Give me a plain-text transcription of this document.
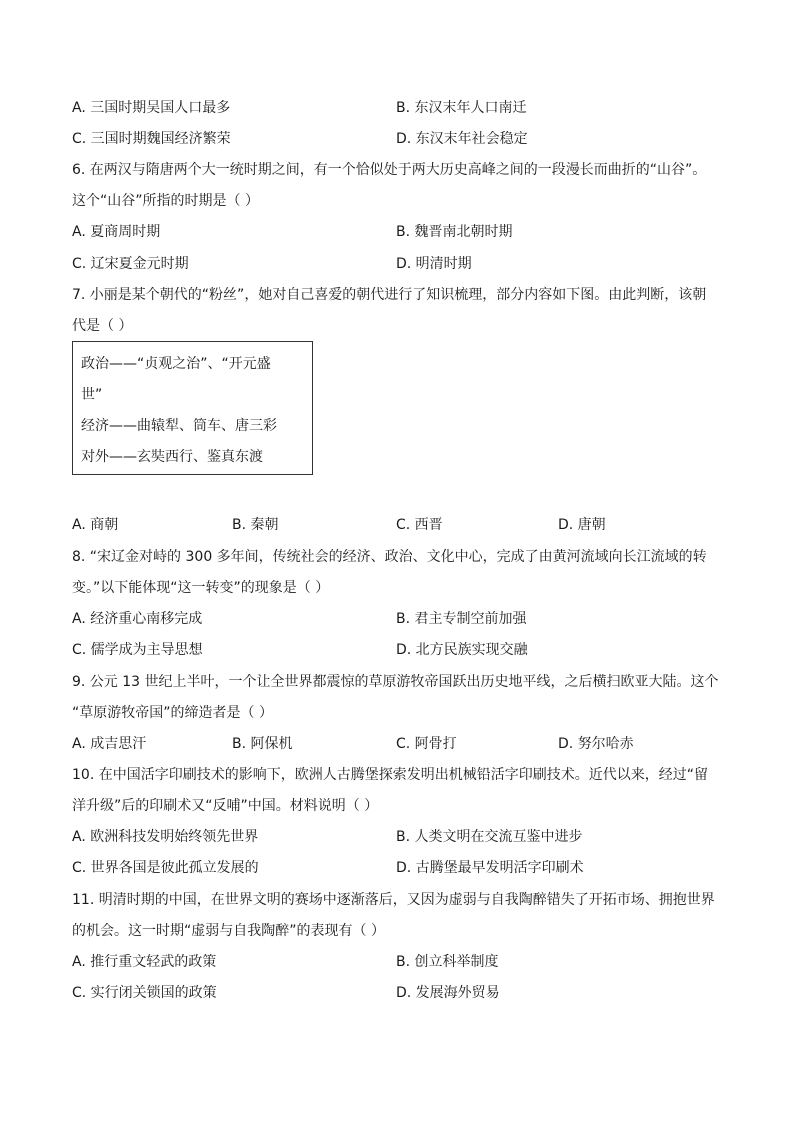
A. 三国时期吴国人口最多	B. 东汉末年人口南迁
C. 三国时期魏国经济繁荣	D. 东汉末年社会稳定
6. 在两汉与隋唐两个大一统时期之间，有一个恰似处于两大历史高峰之间的一段漫长而曲折的“山谷”。
这个“山谷”所指的时期是（ ）
A. 夏商周时期	B. 魏晋南北朝时期
C. 辽宋夏金元时期	D. 明清时期
7. 小丽是某个朝代的“粉丝”，她对自己喜爱的朝代进行了知识梳理，部分内容如下图。由此判断，该朝
代是（ ）
政治——“贞观之治”、“开元盛
世”
经济——曲辕犁、筒车、唐三彩
对外——玄奘西行、鉴真东渡
A. 商朝	B. 秦朝	C. 西晋	D. 唐朝
8. “宋辽金对峙的 300 多年间，传统社会的经济、政治、文化中心，完成了由黄河流域向长江流域的转
变。”以下能体现“这一转变”的现象是（ ）
A. 经济重心南移完成	B. 君主专制空前加强
C. 儒学成为主导思想	D. 北方民族实现交融
9. 公元 13 世纪上半叶，一个让全世界都震惊的草原游牧帝国跃出历史地平线，之后横扫欧亚大陆。这个
“草原游牧帝国”的缔造者是（ ）
A. 成吉思汗	B. 阿保机	C. 阿骨打	D. 努尔哈赤
10. 在中国活字印刷技术的影响下，欧洲人古腾堡探索发明出机械铅活字印刷技术。近代以来，经过“留
洋升级”后的印刷术又“反哺”中国。材料说明（ ）
A. 欧洲科技发明始终领先世界	B. 人类文明在交流互鉴中进步
C. 世界各国是彼此孤立发展的	D. 古腾堡最早发明活字印刷术
11. 明清时期的中国，在世界文明的赛场中逐渐落后，又因为虚弱与自我陶醉错失了开拓市场、拥抱世界
的机会。这一时期“虚弱与自我陶醉”的表现有（ ）
A. 推行重文轻武的政策	B. 创立科举制度
C. 实行闭关锁国的政策	D. 发展海外贸易
